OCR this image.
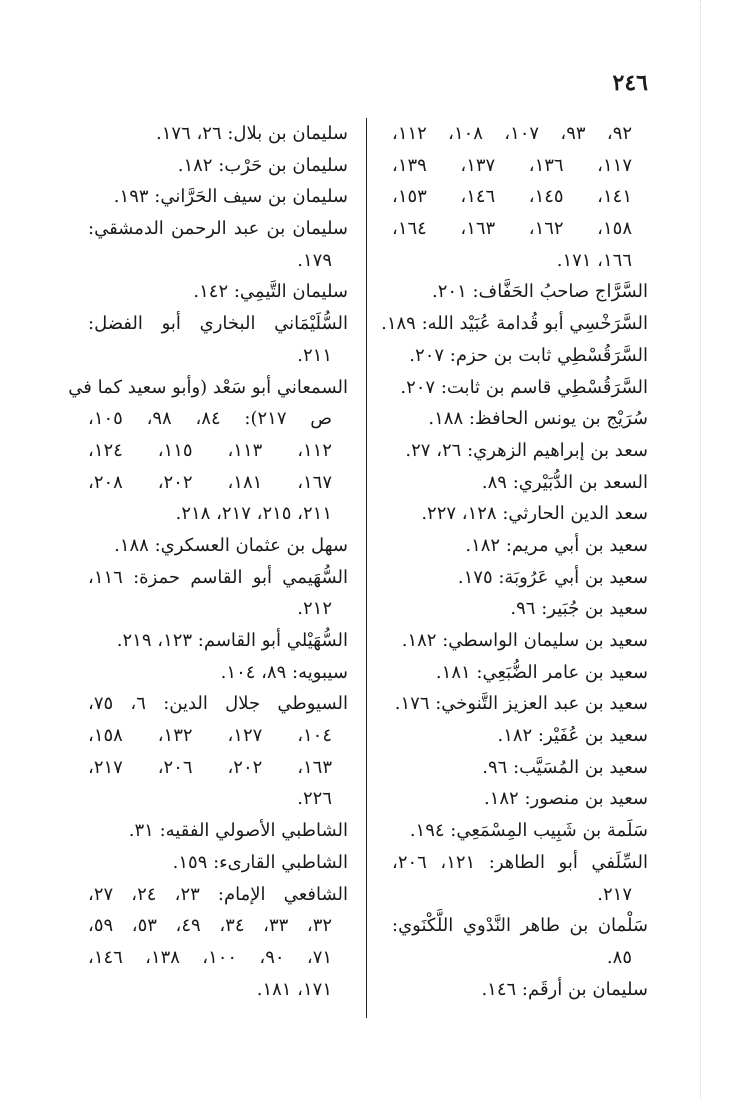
٢٤٦
٩٢، ٩٣، ١٠٧، ١٠٨، ١١٢،
١١٧، ١٣٦، ١٣٧، ١٣٩،
١٤١، ١٤٥، ١٤٦، ١٥٣،
١٥٨، ١٦٢، ١٦٣، ١٦٤،
١٦٦، ١٧١.
السَّرَّاج صاحبُ الحَفَّاف: ٢٠١.
السَّرَخْسِي أبو قُدامة عُبَيْد الله: ١٨٩.
السَّرَقُسْطِي ثابت بن حزم: ٢٠٧.
السَّرَقُسْطِي قاسم بن ثابت: ٢٠٧.
سُرَيْج بن يونس الحافظ: ١٨٨.
سعد بن إبراهيم الزهري: ٢٦، ٢٧.
السعد بن الدُّبَيْري: ٨٩.
سعد الدين الحارثي: ١٢٨، ٢٢٧.
سعيد بن أبي مريم: ١٨٢.
سعيد بن أبي عَرُوبَة: ١٧٥.
سعيد بن جُبَير: ٩٦.
سعيد بن سليمان الواسطي: ١٨٢.
سعيد بن عامر الضُّبَعِي: ١٨١.
سعيد بن عبد العزيز التَّنوخي: ١٧٦.
سعيد بن عُفَيْر: ١٨٢.
سعيد بن المُسَيَّب: ٩٦.
سعيد بن منصور: ١٨٢.
سَلَمة بن شَبِيب المِسْمَعِي: ١٩٤.
السِّلَفي أبو الطاهر: ١٢١، ٢٠٦،
٢١٧.
سَلْمان بن طاهر النَّدْوي اللَّكْنَوي:
٨٥.
سليمان بن أرقَم: ١٤٦.
سليمان بن بلال: ٢٦، ١٧٦.
سليمان بن حَرْب: ١٨٢.
سليمان بن سيف الحَرَّاني: ١٩٣.
سليمان بن عبد الرحمن الدمشقي:
١٧٩.
سليمان التَّيمِي: ١٤٢.
السُّلَيْمَاني البخاري أبو الفضل:
٢١١.
السمعاني أبو سَعْد (وأبو سعيد كما في
ص ٢١٧): ٨٤، ٩٨، ١٠٥،
١١٢، ١١٣، ١١٥، ١٢٤،
١٦٧، ١٨١، ٢٠٢، ٢٠٨،
٢١١، ٢١٥، ٢١٧، ٢١٨.
سهل بن عثمان العسكري: ١٨٨.
السُّهَيمي أبو القاسم حمزة: ١١٦،
٢١٢.
السُّهَيْلي أبو القاسم: ١٢٣، ٢١٩.
سيبويه: ٨٩، ١٠٤.
السيوطي جلال الدين: ٦، ٧٥،
١٠٤، ١٢٧، ١٣٢، ١٥٨،
١٦٣، ٢٠٢، ٢٠٦، ٢١٧،
٢٢٦.
الشاطبي الأصولي الفقيه: ٣١.
الشاطبي القارىء: ١٥٩.
الشافعي الإمام: ٢٣، ٢٤، ٢٧،
٣٢، ٣٣، ٣٤، ٤٩، ٥٣، ٥٩،
٧١، ٩٠، ١٠٠، ١٣٨، ١٤٦،
١٧١، ١٨١.
